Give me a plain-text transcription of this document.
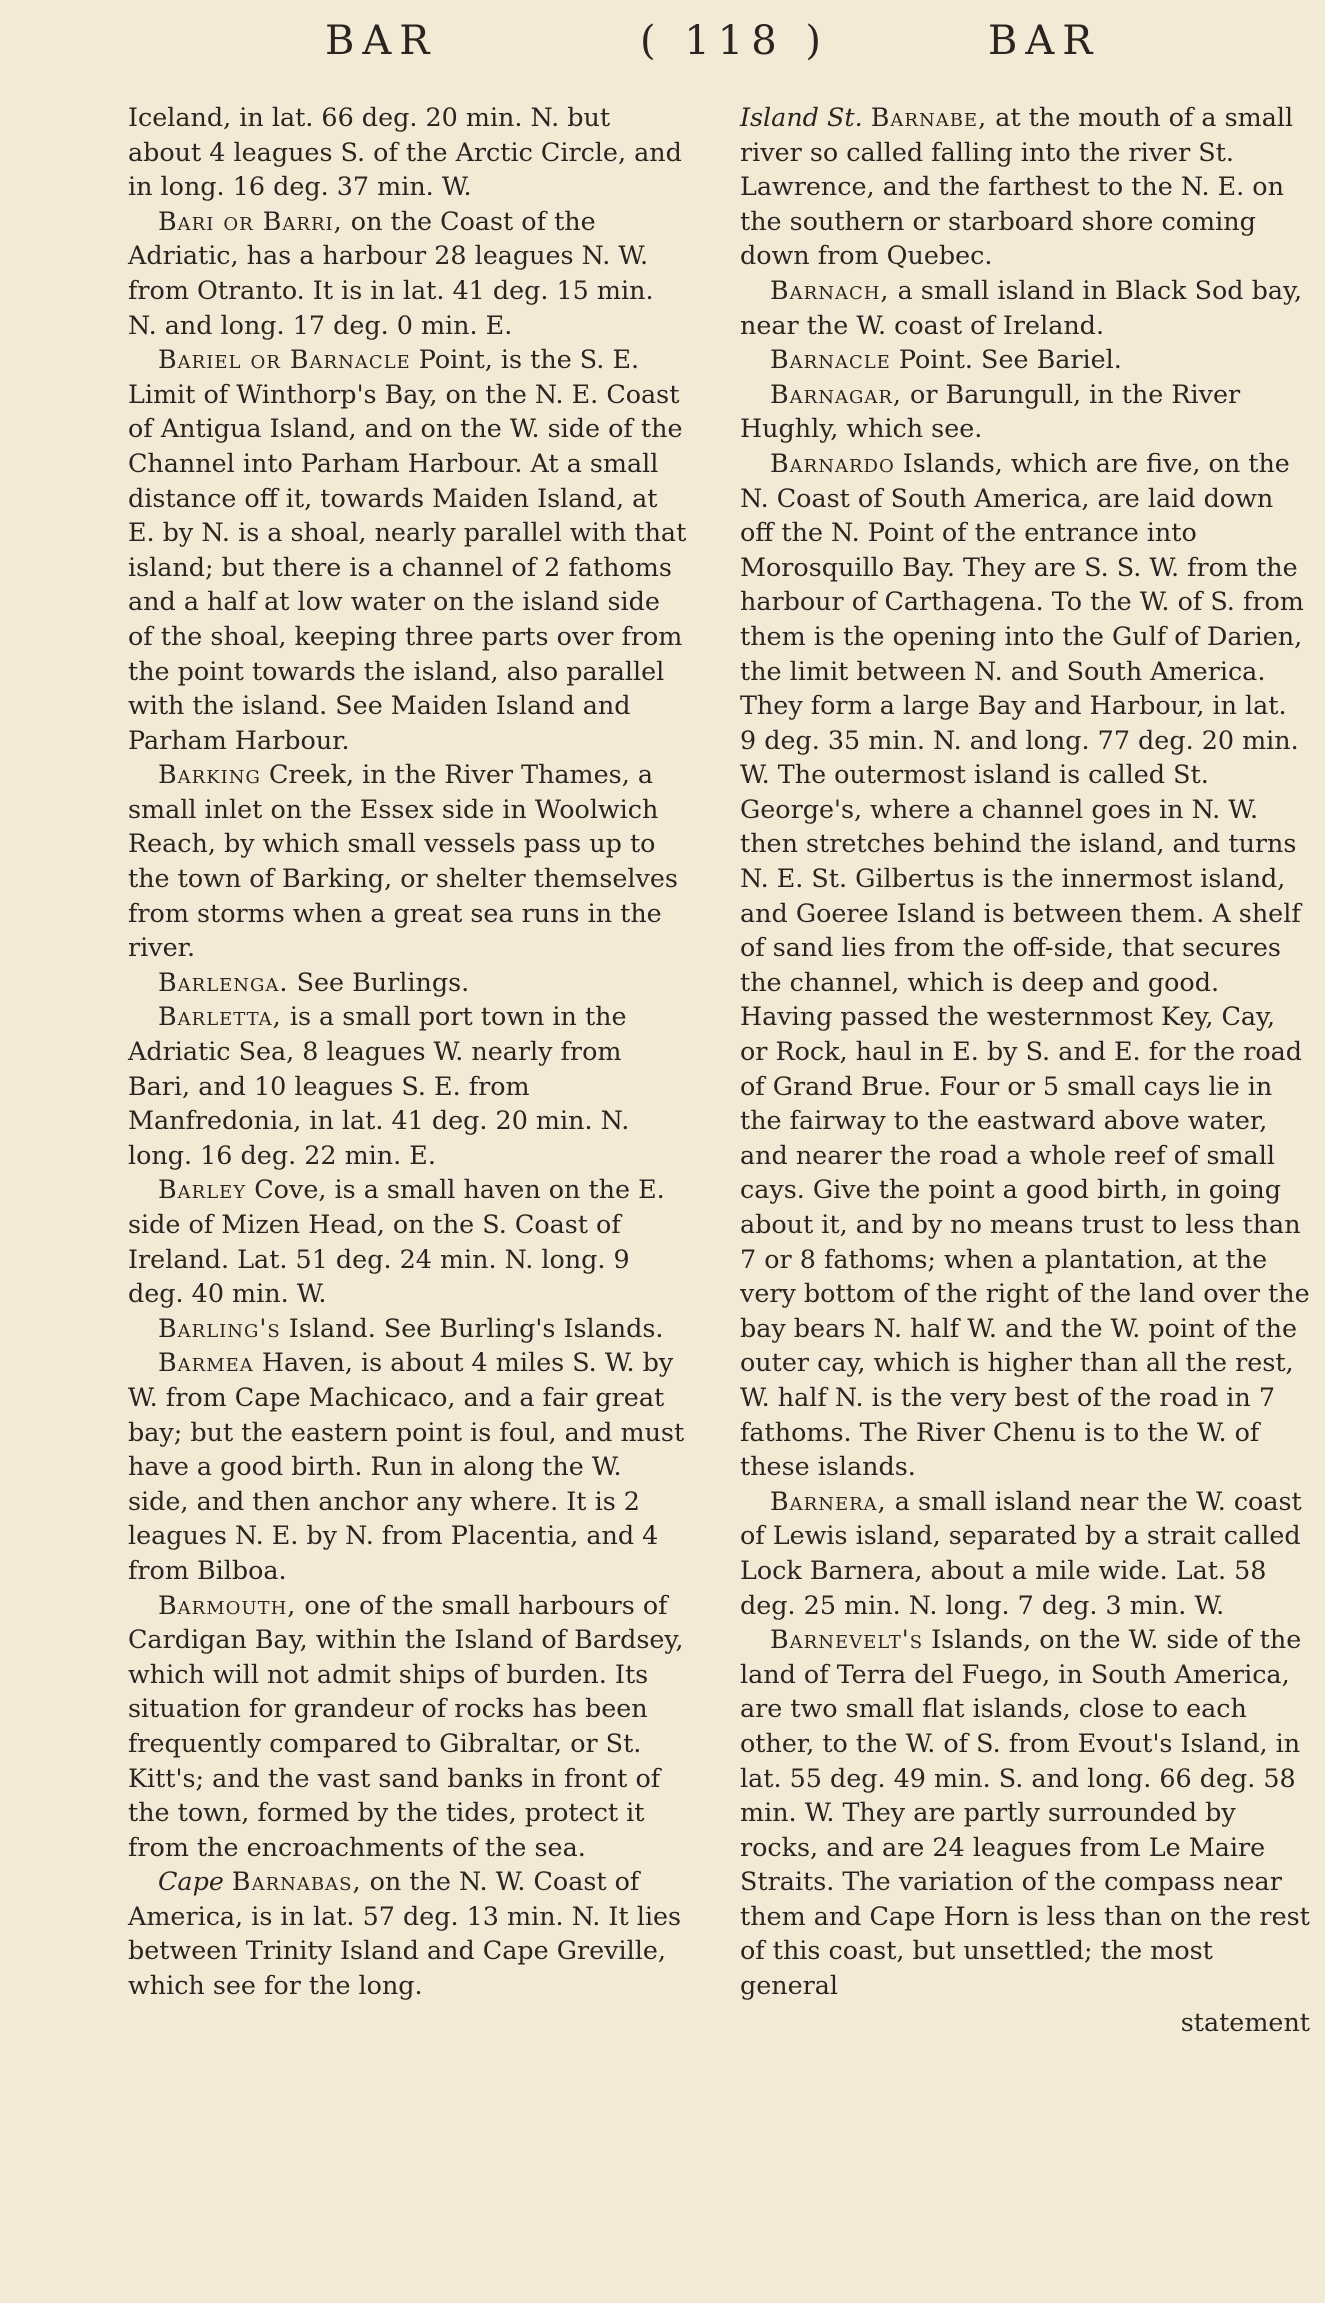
BAR	( 118 )	BAR

Iceland, in lat. 66 deg. 20 min. N. but about 4 leagues S. of the Arctic Circle, and in long. 16 deg. 37 min. W.

Bari or Barri, on the Coast of the Adriatic, has a harbour 28 leagues N. W. from Otranto. It is in lat. 41 deg. 15 min. N. and long. 17 deg. 0 min. E.

Bariel or Barnacle Point, is the S. E. Limit of Winthorp's Bay, on the N. E. Coast of Antigua Island, and on the W. side of the Channel into Parham Harbour. At a small distance off it, towards Maiden Island, at E. by N. is a shoal, nearly parallel with that island; but there is a channel of 2 fathoms and a half at low water on the island side of the shoal, keeping three parts over from the point towards the island, also parallel with the island. See Maiden Island and Parham Harbour.

Barking Creek, in the River Thames, a small inlet on the Essex side in Woolwich Reach, by which small vessels pass up to the town of Barking, or shelter themselves from storms when a great sea runs in the river.

Barlenga. See Burlings.

Barletta, is a small port town in the Adriatic Sea, 8 leagues W. nearly from Bari, and 10 leagues S. E. from Manfredonia, in lat. 41 deg. 20 min. N. long. 16 deg. 22 min. E.

Barley Cove, is a small haven on the E. side of Mizen Head, on the S. Coast of Ireland. Lat. 51 deg. 24 min. N. long. 9 deg. 40 min. W.

Barling's Island. See Burling's Islands.

Barmea Haven, is about 4 miles S. W. by W. from Cape Machicaco, and a fair great bay; but the eastern point is foul, and must have a good birth. Run in along the W. side, and then anchor any where. It is 2 leagues N. E. by N. from Placentia, and 4 from Bilboa.

Barmouth, one of the small harbours of Cardigan Bay, within the Island of Bardsey, which will not admit ships of burden. Its situation for grandeur of rocks has been frequently compared to Gibraltar, or St. Kitt's; and the vast sand banks in front of the town, formed by the tides, protect it from the encroachments of the sea.

Cape Barnabas, on the N. W. Coast of America, is in lat. 57 deg. 13 min. N. It lies between Trinity Island and Cape Greville, which see for the long.

Island St. Barnabe, at the mouth of a small river so called falling into the river St. Lawrence, and the farthest to the N. E. on the southern or starboard shore coming down from Quebec.

Barnach, a small island in Black Sod bay, near the W. coast of Ireland.

Barnacle Point. See Bariel.

Barnagar, or Barungull, in the River Hughly, which see.

Barnardo Islands, which are five, on the N. Coast of South America, are laid down off the N. Point of the entrance into Morosquillo Bay. They are S. S. W. from the harbour of Carthagena. To the W. of S. from them is the opening into the Gulf of Darien, the limit between N. and South America. They form a large Bay and Harbour, in lat. 9 deg. 35 min. N. and long. 77 deg. 20 min. W. The outermost island is called St. George's, where a channel goes in N. W. then stretches behind the island, and turns N. E. St. Gilbertus is the innermost island, and Goeree Island is between them. A shelf of sand lies from the off-side, that secures the channel, which is deep and good. Having passed the westernmost Key, Cay, or Rock, haul in E. by S. and E. for the road of Grand Brue. Four or 5 small cays lie in the fairway to the eastward above water, and nearer the road a whole reef of small cays. Give the point a good birth, in going about it, and by no means trust to less than 7 or 8 fathoms; when a plantation, at the very bottom of the right of the land over the bay bears N. half W. and the W. point of the outer cay, which is higher than all the rest, W. half N. is the very best of the road in 7 fathoms. The River Chenu is to the W. of these islands.

Barnera, a small island near the W. coast of Lewis island, separated by a strait called Lock Barnera, about a mile wide. Lat. 58 deg. 25 min. N. long. 7 deg. 3 min. W.

Barnevelt's Islands, on the W. side of the land of Terra del Fuego, in South America, are two small flat islands, close to each other, to the W. of S. from Evout's Island, in lat. 55 deg. 49 min. S. and long. 66 deg. 58 min. W. They are partly surrounded by rocks, and are 24 leagues from Le Maire Straits. The variation of the compass near them and Cape Horn is less than on the rest of this coast, but unsettled; the most general

statement
